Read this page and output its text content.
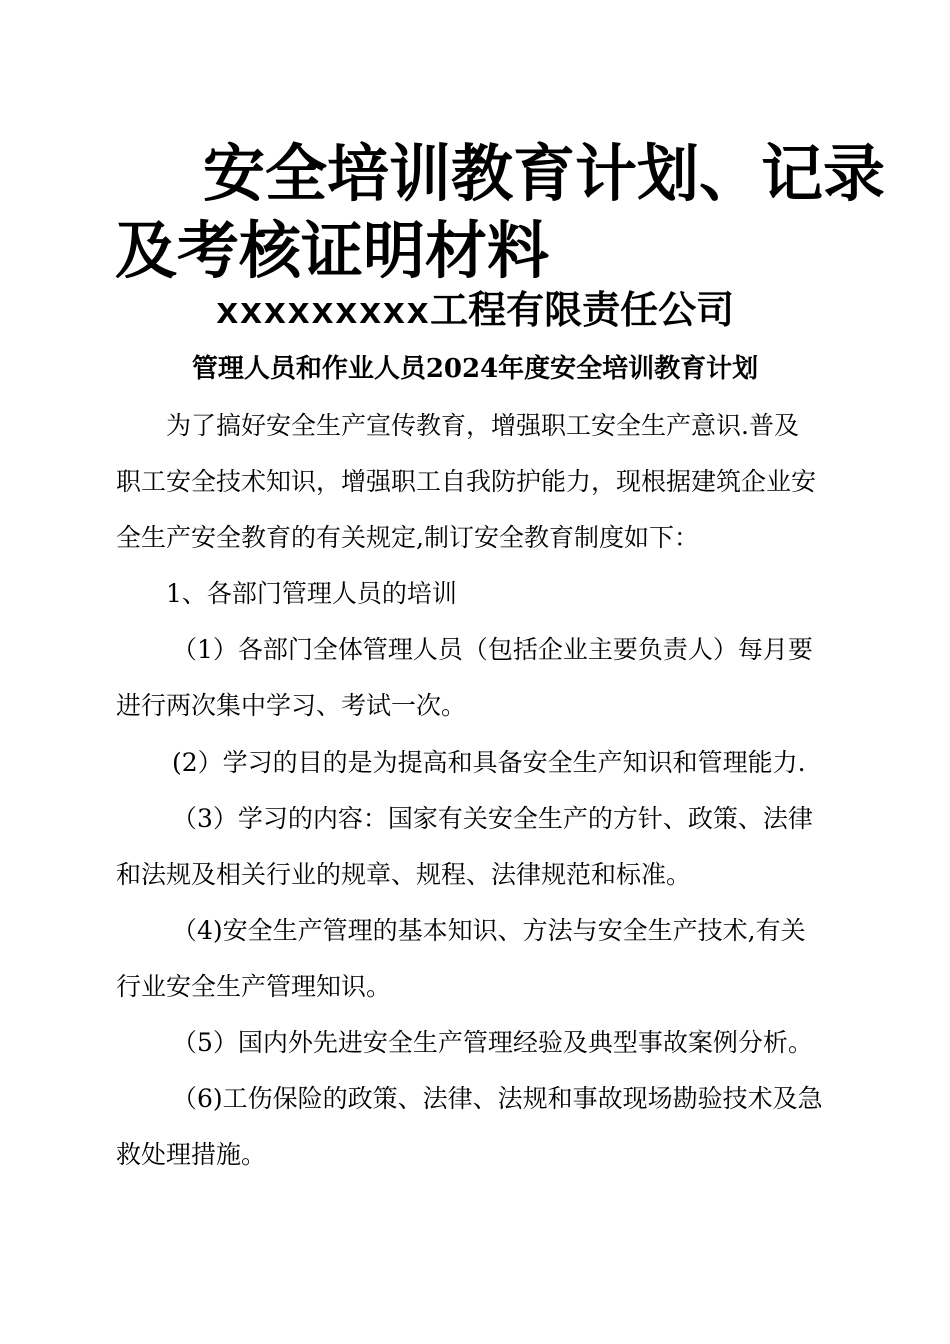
安全培训教育计划、记录
及考核证明材料
xxxxxxxxx工程有限责任公司
管理人员和作业人员2024年度安全培训教育计划
为了搞好安全生产宣传教育，增强职工安全生产意识.普及
职工安全技术知识，增强职工自我防护能力，现根据建筑企业安
全生产安全教育的有关规定,制订安全教育制度如下：
1、各部门管理人员的培训
（1）各部门全体管理人员（包括企业主要负责人）每月要
进行两次集中学习、考试一次。
(2）学习的目的是为提高和具备安全生产知识和管理能力.
（3）学习的内容：国家有关安全生产的方针、政策、法律
和法规及相关行业的规章、规程、法律规范和标准。
（4)安全生产管理的基本知识、方法与安全生产技术,有关
行业安全生产管理知识。
（5）国内外先进安全生产管理经验及典型事故案例分析。
（6)工伤保险的政策、法律、法规和事故现场勘验技术及急
救处理措施。
